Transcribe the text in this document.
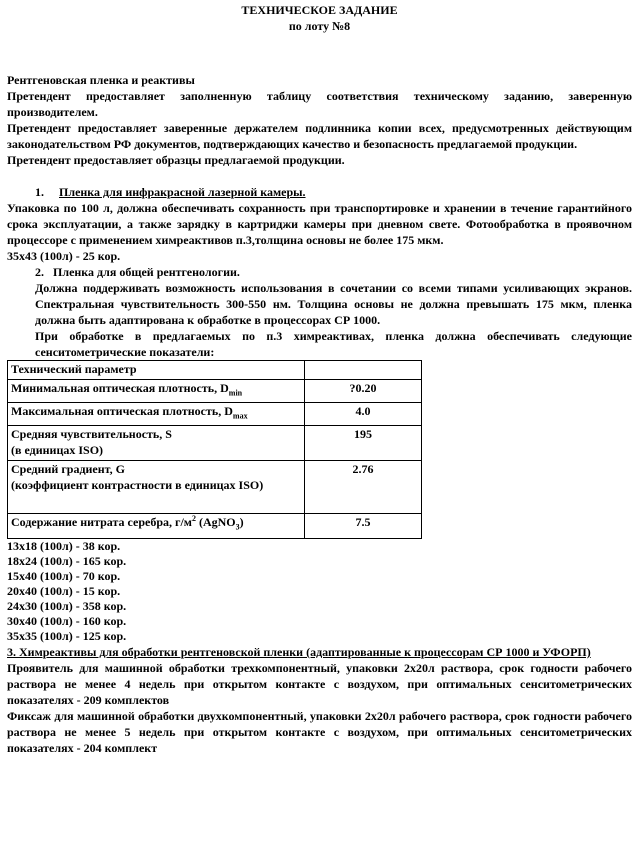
ТЕХНИЧЕСКОЕ ЗАДАНИЕ
по лоту №8

Рентгеновская пленка и реактивы

Претендент предоставляет заполненную таблицу соответствия техническому заданию, заверенную производителем.

Претендент предоставляет заверенные держателем подлинника копии всех, предусмотренных действующим законодательством РФ документов, подтверждающих качество и безопасность предлагаемой продукции.

Претендент предоставляет образцы предлагаемой продукции.

1. Пленка для инфракрасной лазерной камеры.

Упаковка по 100 л, должна обеспечивать сохранность при транспортировке и хранении в течение гарантийного срока эксплуатации, а также зарядку в картриджи камеры при дневном свете. Фотообработка в проявочном процессоре с применением химреактивов п.3,толщина основы не более 175 мкм.

35х43 (100л) - 25 кор.

2. Пленка для общей рентгенологии.

Должна поддерживать возможность использования в сочетании со всеми типами усиливающих экранов. Спектральная чувствительность 300-550 нм. Толщина основы не должна превышать 175 мкм, пленка должна быть адаптирована к обработке в процессорах СР 1000.

При обработке в предлагаемых по п.3 химреактивах, пленка должна обеспечивать следующие сенситометрические показатели:

Технический параметр	
Минимальная оптическая плотность, $D_{min}$	?0.20
Максимальная оптическая плотность, $D_{max}$	4.0

Средняя чувствительность, S
(в единицах ISO)	195

Средний градиент, G
(коэффициент контрастности в единицах ISO)	2.76
Содержание нитрата серебра, $г/м^2$ (AgNO$_3$)	7.5
13х18 (100л) - 38 кор.
18х24 (100л) - 165 кор.
15х40 (100л) - 70 кор.
20х40 (100л) - 15 кор.
24х30 (100л) - 358 кор.
30х40 (100л) - 160 кор.
35х35 (100л) - 125 кор.

3. Химреактивы для обработки рентгеновской пленки (адаптированные к процессорам СР 1000 и УФОРП)

Проявитель для машинной обработки трехкомпонентный, упаковки 2х20л раствора, срок годности рабочего раствора не менее 4 недель при открытом контакте с воздухом, при оптимальных сенситометрических показателях - 209 комплектов

Фиксаж для машинной обработки двухкомпонентный, упаковки 2х20л рабочего раствора, срок годности рабочего раствора не менее 5 недель при открытом контакте с воздухом, при оптимальных сенситометрических показателях - 204 комплект
